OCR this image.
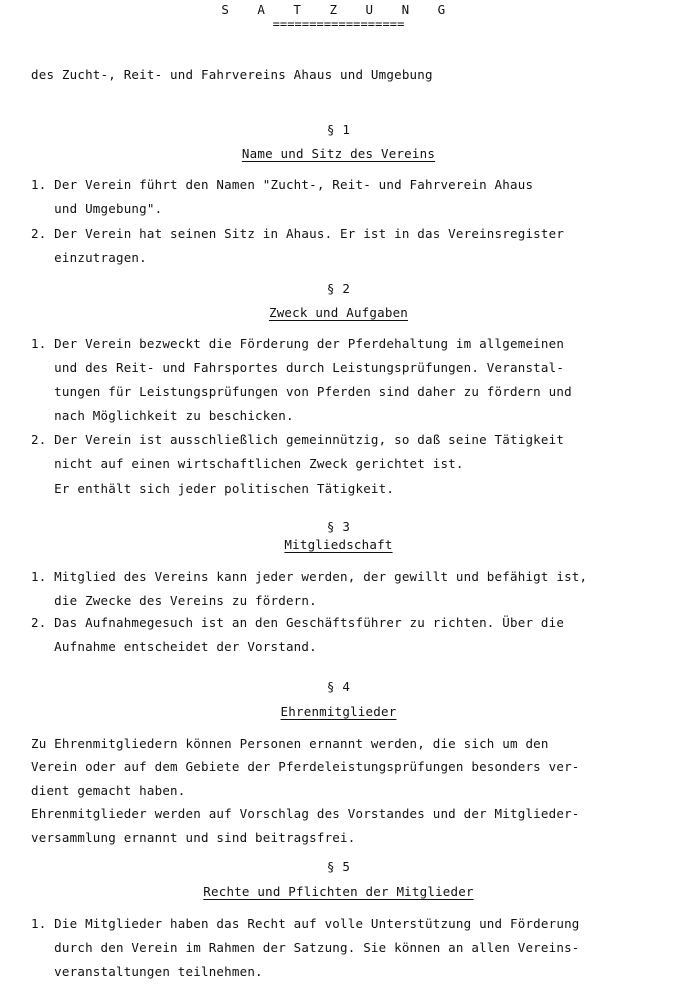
S A T Z U N G
==================
des Zucht-, Reit- und Fahrvereins Ahaus und Umgebung
§ 1
Name und Sitz des Vereins
1. Der Verein führt den Namen "Zucht-, Reit- und Fahrverein Ahaus
und Umgebung".
2. Der Verein hat seinen Sitz in Ahaus. Er ist in das Vereinsregister
einzutragen.
§ 2
Zweck und Aufgaben
1. Der Verein bezweckt die Förderung der Pferdehaltung im allgemeinen
und des Reit- und Fahrsportes durch Leistungsprüfungen. Veranstal-
tungen für Leistungsprüfungen von Pferden sind daher zu fördern und
nach Möglichkeit zu beschicken.
2. Der Verein ist ausschließlich gemeinnützig, so daß seine Tätigkeit
nicht auf einen wirtschaftlichen Zweck gerichtet ist.
Er enthält sich jeder politischen Tätigkeit.
§ 3
Mitgliedschaft
1. Mitglied des Vereins kann jeder werden, der gewillt und befähigt ist,
die Zwecke des Vereins zu fördern.
2. Das Aufnahmegesuch ist an den Geschäftsführer zu richten. Über die
Aufnahme entscheidet der Vorstand.
§ 4
Ehrenmitglieder
Zu Ehrenmitgliedern können Personen ernannt werden, die sich um den
Verein oder auf dem Gebiete der Pferdeleistungsprüfungen besonders ver-
dient gemacht haben.
Ehrenmitglieder werden auf Vorschlag des Vorstandes und der Mitglieder-
versammlung ernannt und sind beitragsfrei.
§ 5
Rechte und Pflichten der Mitglieder
1. Die Mitglieder haben das Recht auf volle Unterstützung und Förderung
durch den Verein im Rahmen der Satzung. Sie können an allen Vereins-
veranstaltungen teilnehmen.
